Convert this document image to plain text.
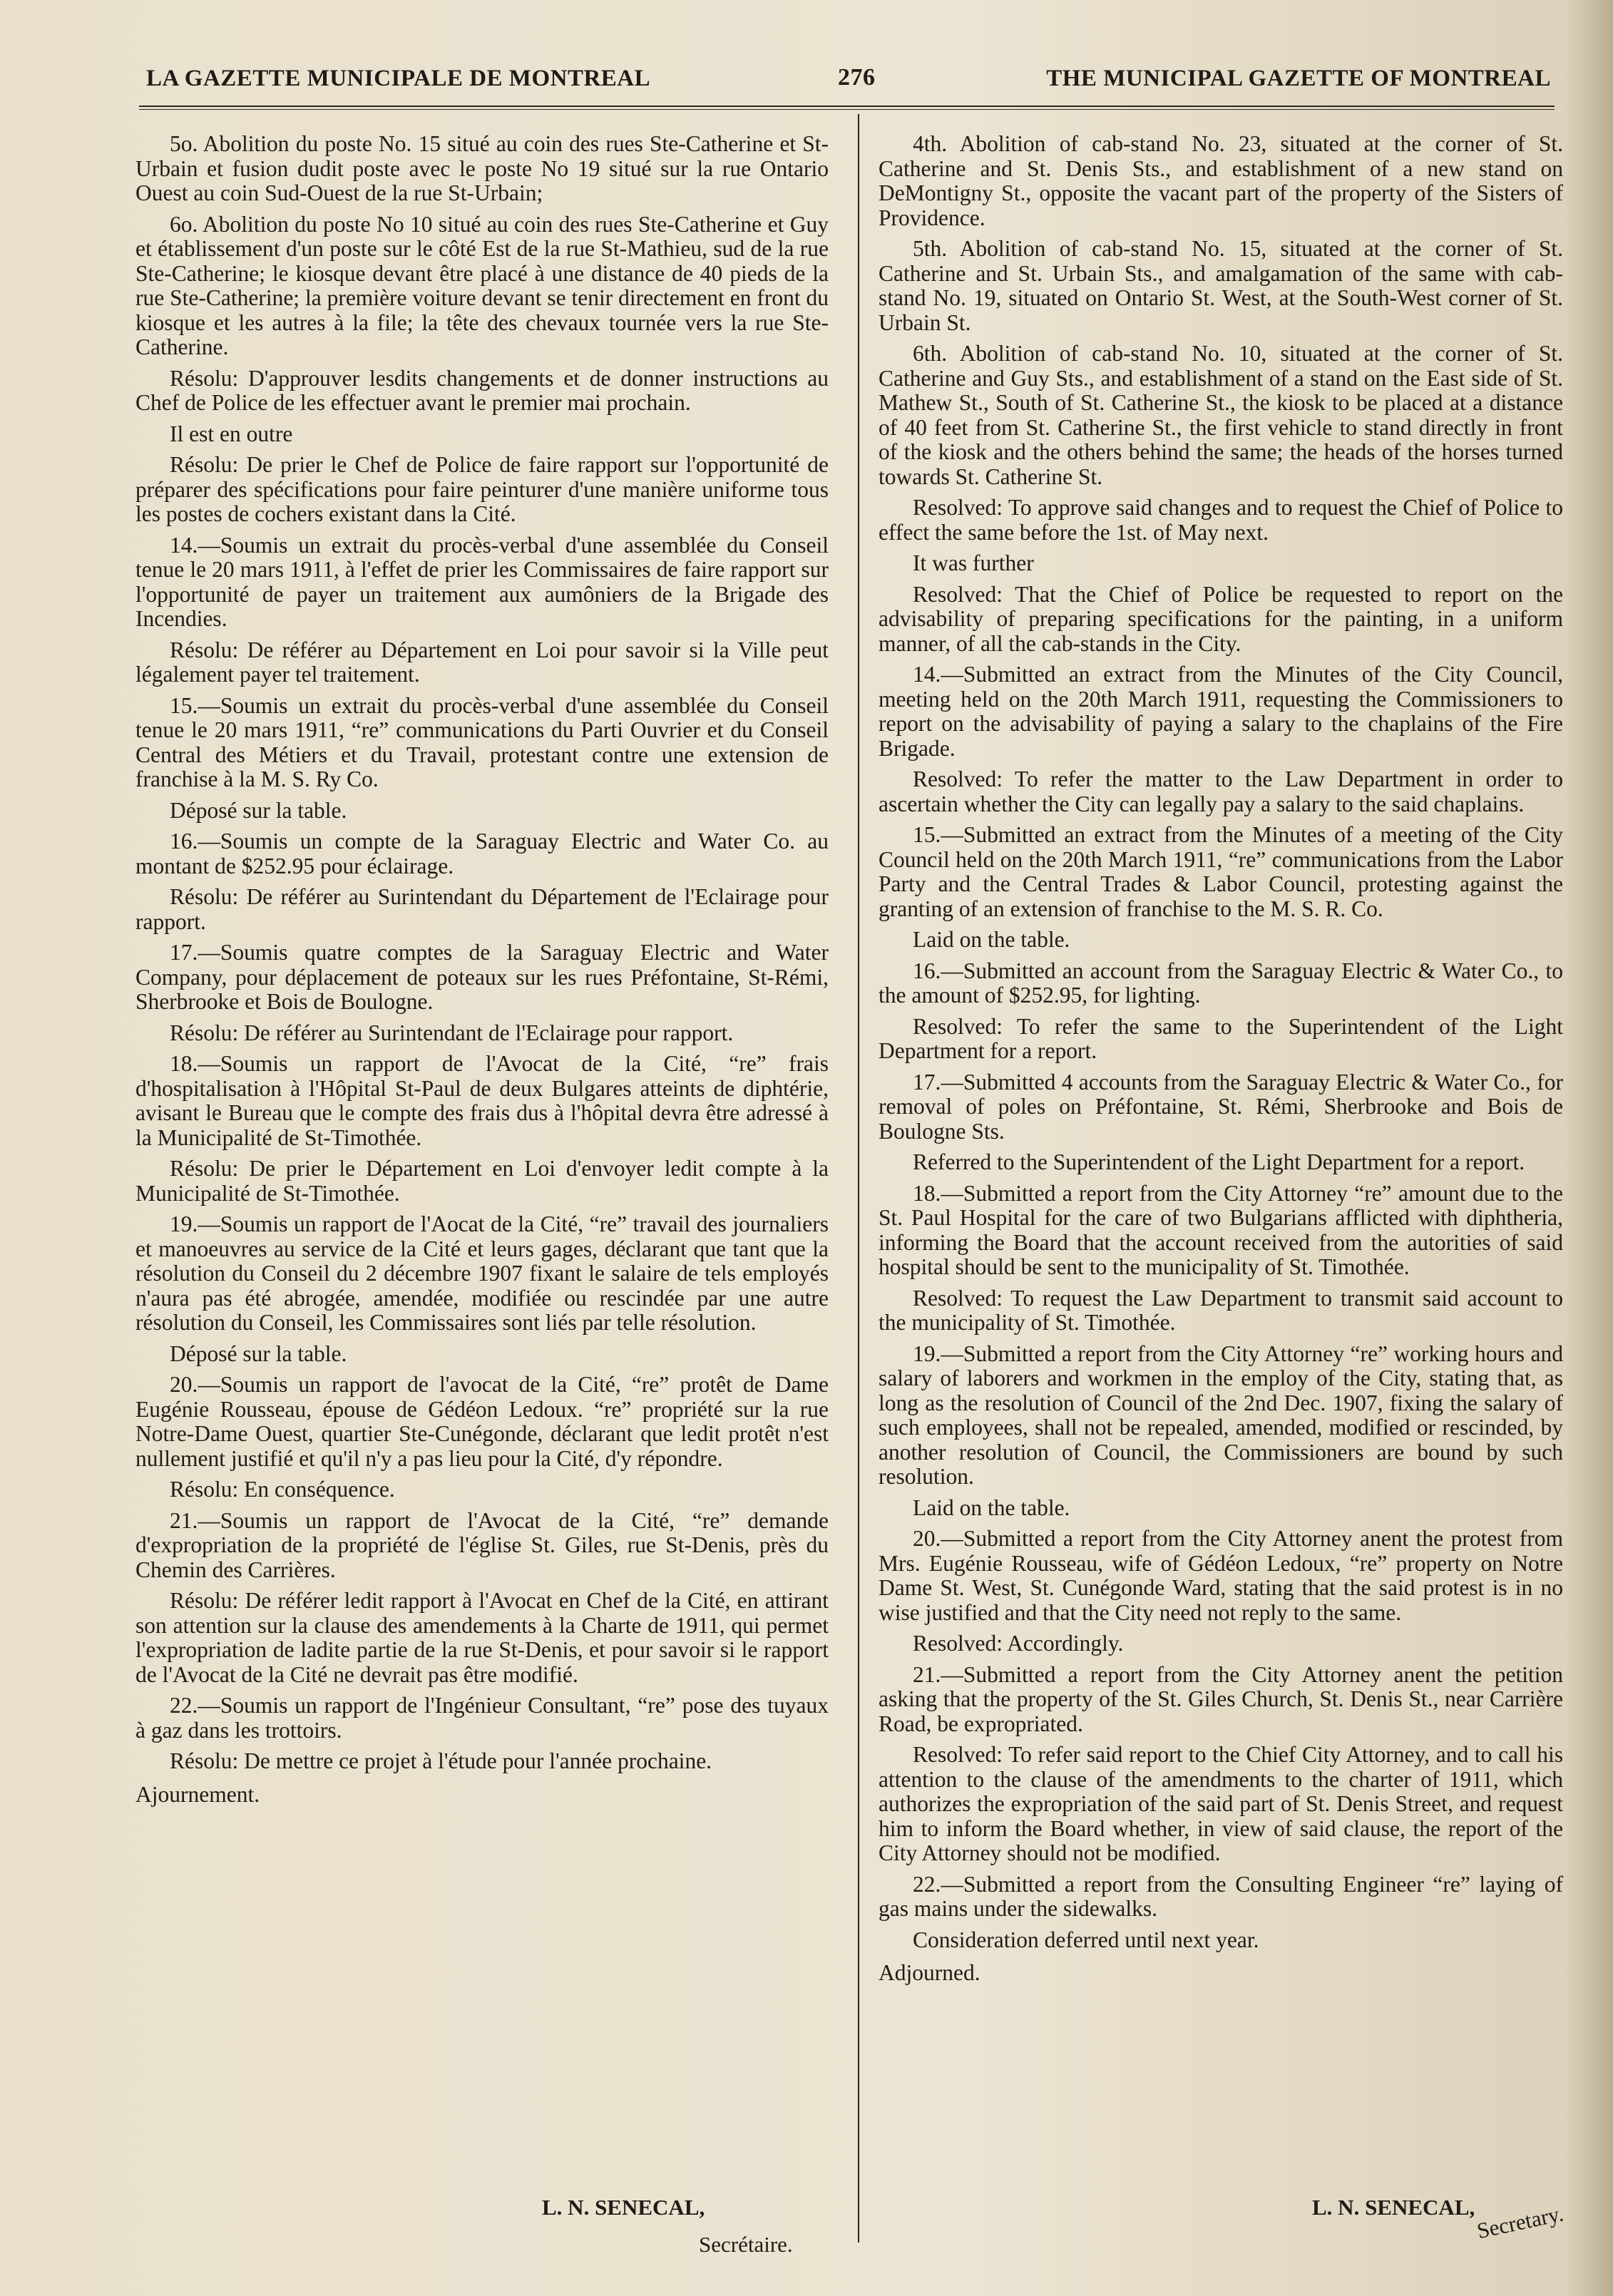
LA GAZETTE MUNICIPALE DE MONTREAL	276	THE MUNICIPAL GAZETTE OF MONTREAL

5o. Abolition du poste No. 15 situé au coin des rues Ste-Catherine et St-Urbain et fusion dudit poste avec le poste No 19 situé sur la rue Ontario Ouest au coin Sud-Ouest de la rue St-Urbain;

6o. Abolition du poste No 10 situé au coin des rues Ste-Catherine et Guy et établissement d'un poste sur le côté Est de la rue St-Mathieu, sud de la rue Ste-Catherine; le kiosque devant être placé à une distance de 40 pieds de la rue Ste-Catherine; la première voiture devant se tenir directement en front du kiosque et les autres à la file; la tête des chevaux tournée vers la rue Ste-Catherine.

Résolu: D'approuver lesdits changements et de donner instructions au Chef de Police de les effectuer avant le premier mai prochain.

Il est en outre

Résolu: De prier le Chef de Police de faire rapport sur l'opportunité de préparer des spécifications pour faire peinturer d'une manière uniforme tous les postes de cochers existant dans la Cité.

14.—Soumis un extrait du procès-verbal d'une assemblée du Conseil tenue le 20 mars 1911, à l'effet de prier les Commissaires de faire rapport sur l'opportunité de payer un traitement aux aumôniers de la Brigade des Incendies.

Résolu: De référer au Département en Loi pour savoir si la Ville peut légalement payer tel traitement.

15.—Soumis un extrait du procès-verbal d'une assemblée du Conseil tenue le 20 mars 1911, “re” communications du Parti Ouvrier et du Conseil Central des Métiers et du Travail, protestant contre une extension de franchise à la M. S. Ry Co.

Déposé sur la table.

16.—Soumis un compte de la Saraguay Electric and Water Co. au montant de $252.95 pour éclairage.

Résolu: De référer au Surintendant du Département de l'Eclairage pour rapport.

17.—Soumis quatre comptes de la Saraguay Electric and Water Company, pour déplacement de poteaux sur les rues Préfontaine, St-Rémi, Sherbrooke et Bois de Boulogne.

Résolu: De référer au Surintendant de l'Eclairage pour rapport.

18.—Soumis un rapport de l'Avocat de la Cité, “re” frais d'hospitalisation à l'Hôpital St-Paul de deux Bulgares atteints de diphtérie, avisant le Bureau que le compte des frais dus à l'hôpital devra être adressé à la Municipalité de St-Timothée.

Résolu: De prier le Département en Loi d'envoyer ledit compte à la Municipalité de St-Timothée.

19.—Soumis un rapport de l'Aocat de la Cité, “re” travail des journaliers et manoeuvres au service de la Cité et leurs gages, déclarant que tant que la résolution du Conseil du 2 décembre 1907 fixant le salaire de tels employés n'aura pas été abrogée, amendée, modifiée ou rescindée par une autre résolution du Conseil, les Commissaires sont liés par telle résolution.

Déposé sur la table.

20.—Soumis un rapport de l'avocat de la Cité, “re” protêt de Dame Eugénie Rousseau, épouse de Gédéon Ledoux. “re” propriété sur la rue Notre-Dame Ouest, quartier Ste-Cunégonde, déclarant que ledit protêt n'est nullement justifié et qu'il n'y a pas lieu pour la Cité, d'y répondre.

Résolu: En conséquence.

21.—Soumis un rapport de l'Avocat de la Cité, “re” demande d'expropriation de la propriété de l'église St. Giles, rue St-Denis, près du Chemin des Carrières.

Résolu: De référer ledit rapport à l'Avocat en Chef de la Cité, en attirant son attention sur la clause des amendements à la Charte de 1911, qui permet l'expropriation de ladite partie de la rue St-Denis, et pour savoir si le rapport de l'Avocat de la Cité ne devrait pas être modifié.

22.—Soumis un rapport de l'Ingénieur Consultant, “re” pose des tuyaux à gaz dans les trottoirs.

Résolu: De mettre ce projet à l'étude pour l'année prochaine.

Ajournement.

4th. Abolition of cab-stand No. 23, situated at the corner of St. Catherine and St. Denis Sts., and establishment of a new stand on DeMontigny St., opposite the vacant part of the property of the Sisters of Providence.

5th. Abolition of cab-stand No. 15, situated at the corner of St. Catherine and St. Urbain Sts., and amalgamation of the same with cab-stand No. 19, situated on Ontario St. West, at the South-West corner of St. Urbain St.

6th. Abolition of cab-stand No. 10, situated at the corner of St. Catherine and Guy Sts., and establishment of a stand on the East side of St. Mathew St., South of St. Catherine St., the kiosk to be placed at a distance of 40 feet from St. Catherine St., the first vehicle to stand directly in front of the kiosk and the others behind the same; the heads of the horses turned towards St. Catherine St.

Resolved: To approve said changes and to request the Chief of Police to effect the same before the 1st. of May next.

It was further

Resolved: That the Chief of Police be requested to report on the advisability of preparing specifications for the painting, in a uniform manner, of all the cab-stands in the City.

14.—Submitted an extract from the Minutes of the City Council, meeting held on the 20th March 1911, requesting the Commissioners to report on the advisability of paying a salary to the chaplains of the Fire Brigade.

Resolved: To refer the matter to the Law Department in order to ascertain whether the City can legally pay a salary to the said chaplains.

15.—Submitted an extract from the Minutes of a meeting of the City Council held on the 20th March 1911, “re” communications from the Labor Party and the Central Trades & Labor Council, protesting against the granting of an extension of franchise to the M. S. R. Co.

Laid on the table.

16.—Submitted an account from the Saraguay Electric & Water Co., to the amount of $252.95, for lighting.

Resolved: To refer the same to the Superintendent of the Light Department for a report.

17.—Submitted 4 accounts from the Saraguay Electric & Water Co., for removal of poles on Préfontaine, St. Rémi, Sherbrooke and Bois de Boulogne Sts.

Referred to the Superintendent of the Light Department for a report.

18.—Submitted a report from the City Attorney “re” amount due to the St. Paul Hospital for the care of two Bulgarians afflicted with diphtheria, informing the Board that the account received from the autorities of said hospital should be sent to the municipality of St. Timothée.

Resolved: To request the Law Department to transmit said account to the municipality of St. Timothée.

19.—Submitted a report from the City Attorney “re” working hours and salary of laborers and workmen in the employ of the City, stating that, as long as the resolution of Council of the 2nd Dec. 1907, fixing the salary of such employees, shall not be repealed, amended, modified or rescinded, by another resolution of Council, the Commissioners are bound by such resolution.

Laid on the table.

20.—Submitted a report from the City Attorney anent the protest from Mrs. Eugénie Rousseau, wife of Gédéon Ledoux, “re” property on Notre Dame St. West, St. Cunégonde Ward, stating that the said protest is in no wise justified and that the City need not reply to the same.

Resolved: Accordingly.

21.—Submitted a report from the City Attorney anent the petition asking that the property of the St. Giles Church, St. Denis St., near Carrière Road, be expropriated.

Resolved: To refer said report to the Chief City Attorney, and to call his attention to the clause of the amendments to the charter of 1911, which authorizes the expropriation of the said part of St. Denis Street, and request him to inform the Board whether, in view of said clause, the report of the City Attorney should not be modified.

22.—Submitted a report from the Consulting Engineer “re” laying of gas mains under the sidewalks.

Consideration deferred until next year.

Adjourned.

L. N. SENECAL,
Secrétaire.
L. N. SENECAL, Secretary.
